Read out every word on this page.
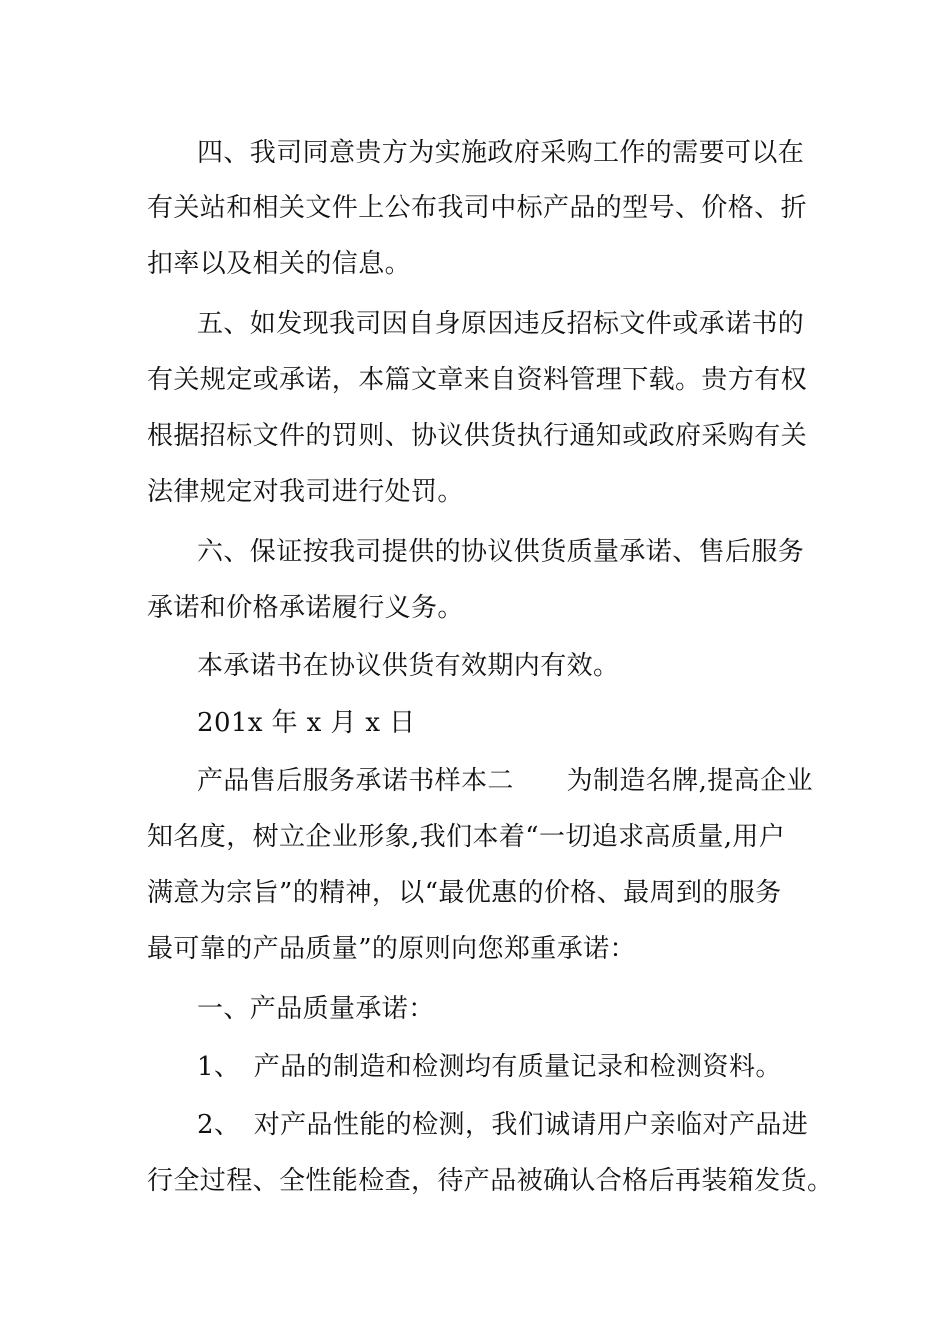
四、我司同意贵方为实施政府采购工作的需要可以在
有关站和相关文件上公布我司中标产品的型号、价格、折
扣率以及相关的信息。
五、如发现我司因自身原因违反招标文件或承诺书的
有关规定或承诺，本篇文章来自资料管理下载。贵方有权
根据招标文件的罚则、协议供货执行通知或政府采购有关
法律规定对我司进行处罚。
六、保证按我司提供的协议供货质量承诺、售后服务
承诺和价格承诺履行义务。
本承诺书在协议供货有效期内有效。
201x 年 x 月 x 日
产品售后服务承诺书样本二　　为制造名牌,提高企业
知名度，树立企业形象,我们本着“一切追求高质量,用户
满意为宗旨”的精神，以“最优惠的价格、最周到的服务
最可靠的产品质量”的原则向您郑重承诺：
一、产品质量承诺：
1、　产品的制造和检测均有质量记录和检测资料。
2、　对产品性能的检测，我们诚请用户亲临对产品进
行全过程、全性能检查，待产品被确认合格后再装箱发货。
